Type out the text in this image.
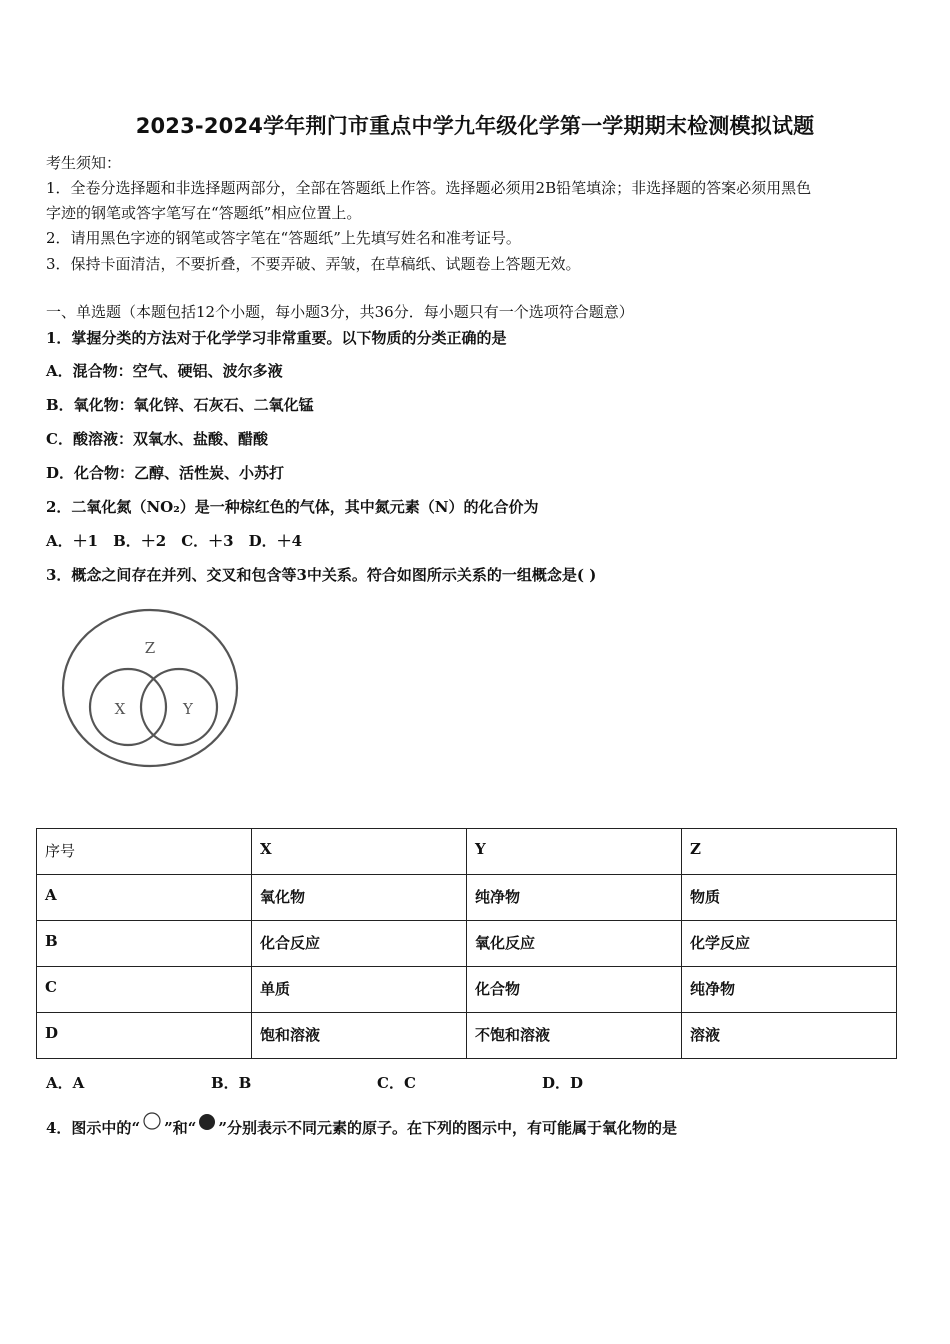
2023-2024学年荆门市重点中学九年级化学第一学期期末检测模拟试题
考生须知：
1．全卷分选择题和非选择题两部分，全部在答题纸上作答。选择题必须用2B铅笔填涂；非选择题的答案必须用黑色
字迹的钢笔或答字笔写在“答题纸”相应位置上。
2．请用黑色字迹的钢笔或答字笔在“答题纸”上先填写姓名和准考证号。
3．保持卡面清洁，不要折叠，不要弄破、弄皱，在草稿纸、试题卷上答题无效。
一、单选题（本题包括12个小题，每小题3分，共36分．每小题只有一个选项符合题意）
1．掌握分类的方法对于化学学习非常重要。以下物质的分类正确的是
A．混合物：空气、硬铝、波尔多液
B．氧化物：氧化锌、石灰石、二氧化锰
C．酸溶液：双氧水、盐酸、醋酸
D．化合物：乙醇、活性炭、小苏打
2．二氧化氮（NO₂）是一种棕红色的气体，其中氮元素（N）的化合价为
A．＋1　B．＋2　C．＋3　D．＋4
3．概念之间存在并列、交叉和包含等3中关系。符合如图所示关系的一组概念是( )
Z
X	Y
序号	X	Y	Z
A	氧化物	纯净物	物质
B	化合反应	氧化反应	化学反应
C	单质	化合物	纯净物
D	饱和溶液	不饱和溶液	溶液
A．A	B．B	C．C	D．D
4．图示中的“ ”和“ ”分别表示不同元素的原子。在下列的图示中，有可能属于氧化物的是
